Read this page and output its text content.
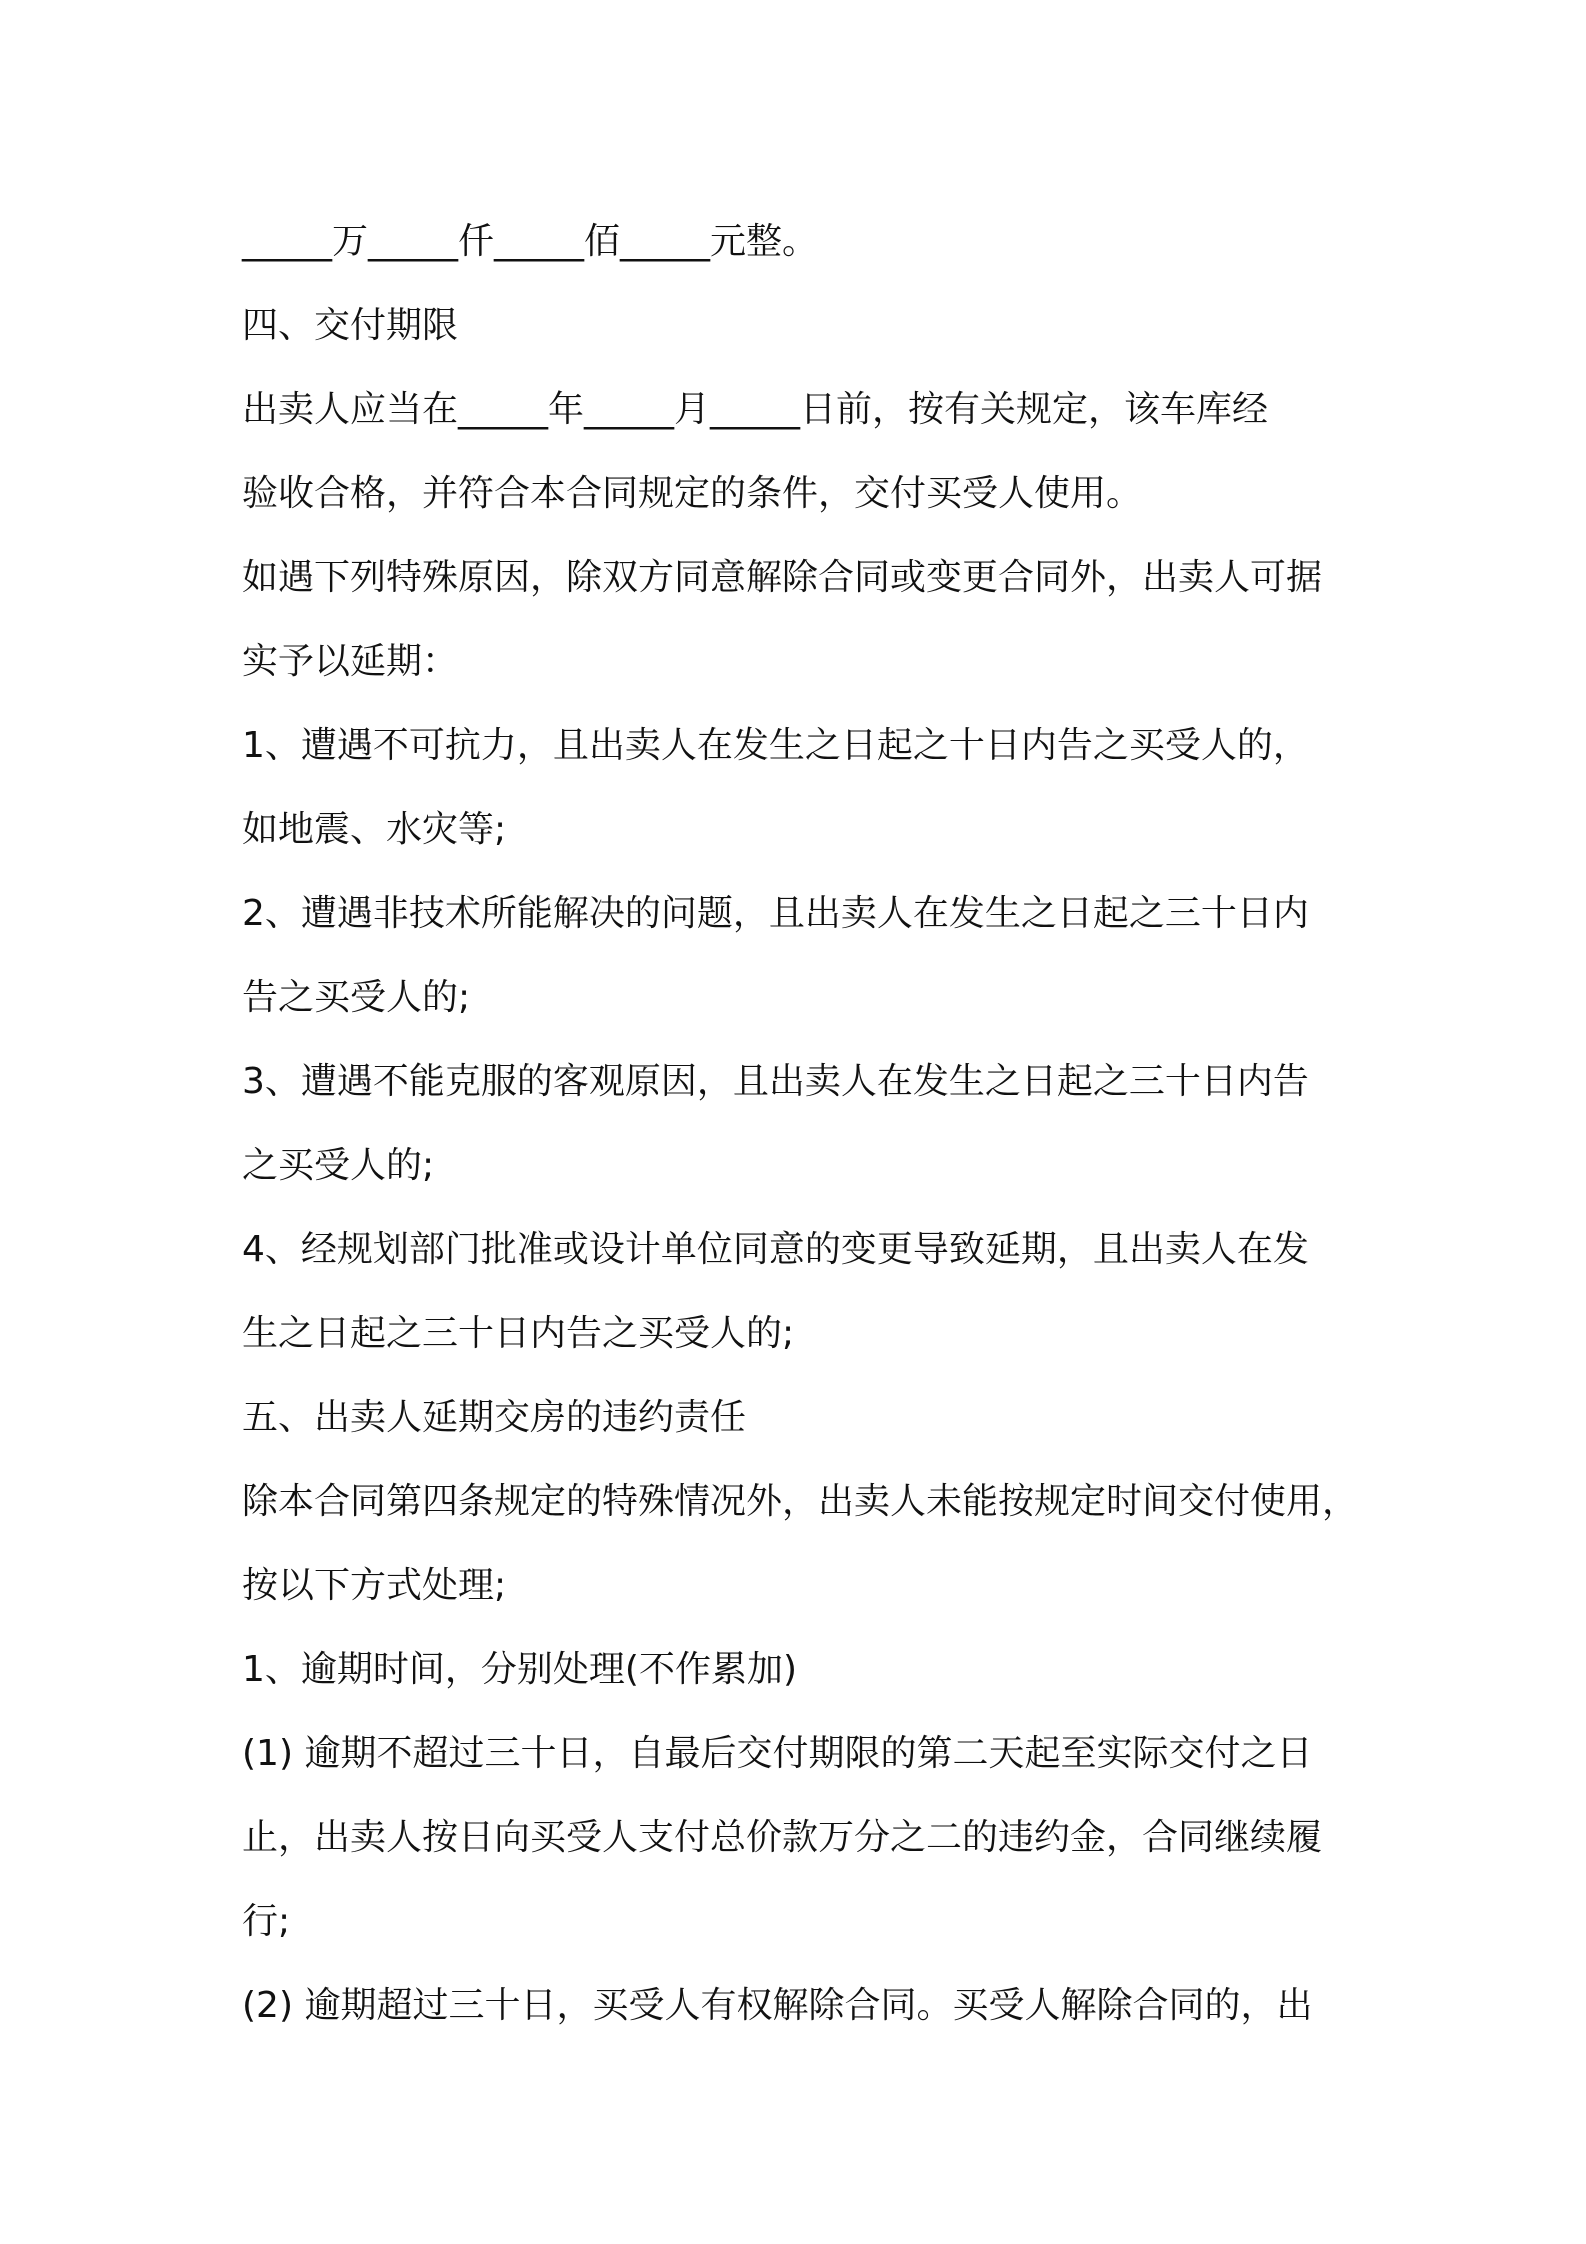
_____万_____仟_____佰_____元整。
四、交付期限
出卖人应当在_____年_____月_____日前，按有关规定，该车库经
验收合格，并符合本合同规定的条件，交付买受人使用。
如遇下列特殊原因，除双方同意解除合同或变更合同外，出卖人可据
实予以延期：
1、遭遇不可抗力，且出卖人在发生之日起之十日内告之买受人的，
如地震、水灾等;
2、遭遇非技术所能解决的问题，且出卖人在发生之日起之三十日内
告之买受人的;
3、遭遇不能克服的客观原因，且出卖人在发生之日起之三十日内告
之买受人的;
4、经规划部门批准或设计单位同意的变更导致延期，且出卖人在发
生之日起之三十日内告之买受人的;
五、出卖人延期交房的违约责任
除本合同第四条规定的特殊情况外，出卖人未能按规定时间交付使用，
按以下方式处理;
1、逾期时间，分别处理(不作累加)
(1) 逾期不超过三十日，自最后交付期限的第二天起至实际交付之日
止，出卖人按日向买受人支付总价款万分之二的违约金，合同继续履
行;
(2) 逾期超过三十日，买受人有权解除合同。买受人解除合同的，出
